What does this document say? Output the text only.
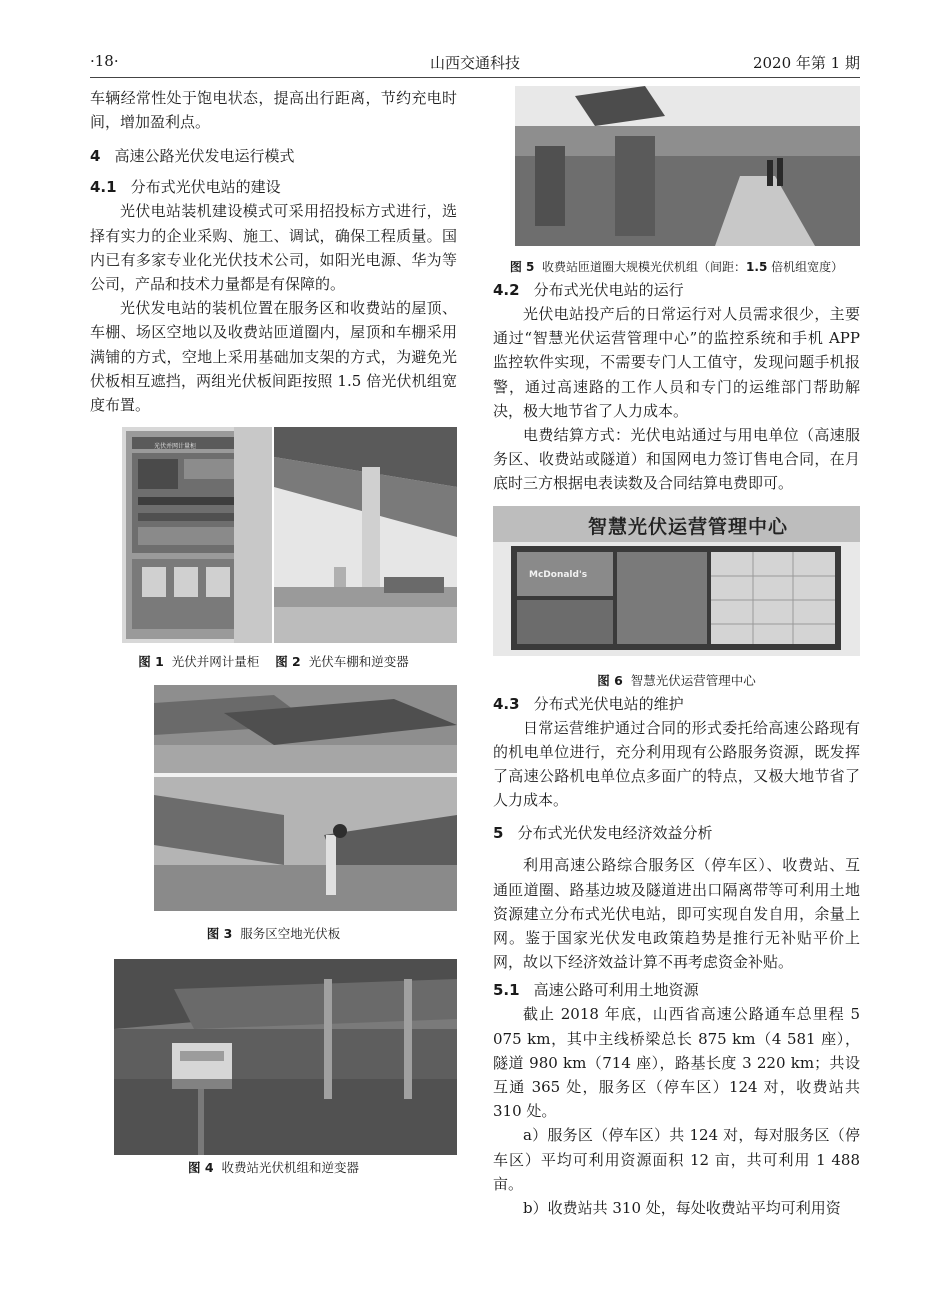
·18·	山西交通科技	2020 年第 1 期

车辆经常性处于饱电状态，提高出行距离，节约充电时间，增加盈利点。

4 高速公路光伏发电运行模式
4.1 分布式光伏电站的建设

光伏电站装机建设模式可采用招投标方式进行，选择有实力的企业采购、施工、调试，确保工程质量。国内已有多家专业化光伏技术公司，如阳光电源、华为等公司，产品和技术力量都是有保障的。

光伏发电站的装机位置在服务区和收费站的屋顶、车棚、场区空地以及收费站匝道圈内，屋顶和车棚采用满铺的方式，空地上采用基础加支架的方式，为避免光伏板相互遮挡，两组光伏板间距按照 1.5 倍光伏机组宽度布置。

光伏并网计量柜
图 1 光伏并网计量柜 图 2 光伏车棚和逆变器
图 3 服务区空地光伏板
图 4 收费站光伏机组和逆变器
图 5 收费站匝道圈大规模光伏机组（间距：1.5 倍机组宽度）
4.2 分布式光伏电站的运行

光伏电站投产后的日常运行对人员需求很少，主要通过“智慧光伏运营管理中心”的监控系统和手机 APP 监控软件实现，不需要专门人工值守，发现问题手机报警，通过高速路的工作人员和专门的运维部门帮助解决，极大地节省了人力成本。

电费结算方式：光伏电站通过与用电单位（高速服务区、收费站或隧道）和国网电力签订售电合同，在月底时三方根据电表读数及合同结算电费即可。

智慧光伏运营管理中心
McDonald's
图 6 智慧光伏运营管理中心
4.3 分布式光伏电站的维护

日常运营维护通过合同的形式委托给高速公路现有的机电单位进行，充分利用现有公路服务资源，既发挥了高速公路机电单位点多面广的特点，又极大地节省了人力成本。

5 分布式光伏发电经济效益分析

利用高速公路综合服务区（停车区）、收费站、互通匝道圈、路基边坡及隧道进出口隔离带等可利用土地资源建立分布式光伏电站，即可实现自发自用，余量上网。鉴于国家光伏发电政策趋势是推行无补贴平价上网，故以下经济效益计算不再考虑资金补贴。

5.1 高速公路可利用土地资源

截止 2018 年底，山西省高速公路通车总里程 5 075 km，其中主线桥梁总长 875 km（4 581 座），隧道 980 km（714 座），路基长度 3 220 km；共设互通 365 处，服务区（停车区）124 对，收费站共 310 处。

a）服务区（停车区）共 124 对，每对服务区（停车区）平均可利用资源面积 12 亩，共可利用 1 488 亩。

b）收费站共 310 处，每处收费站平均可利用资
